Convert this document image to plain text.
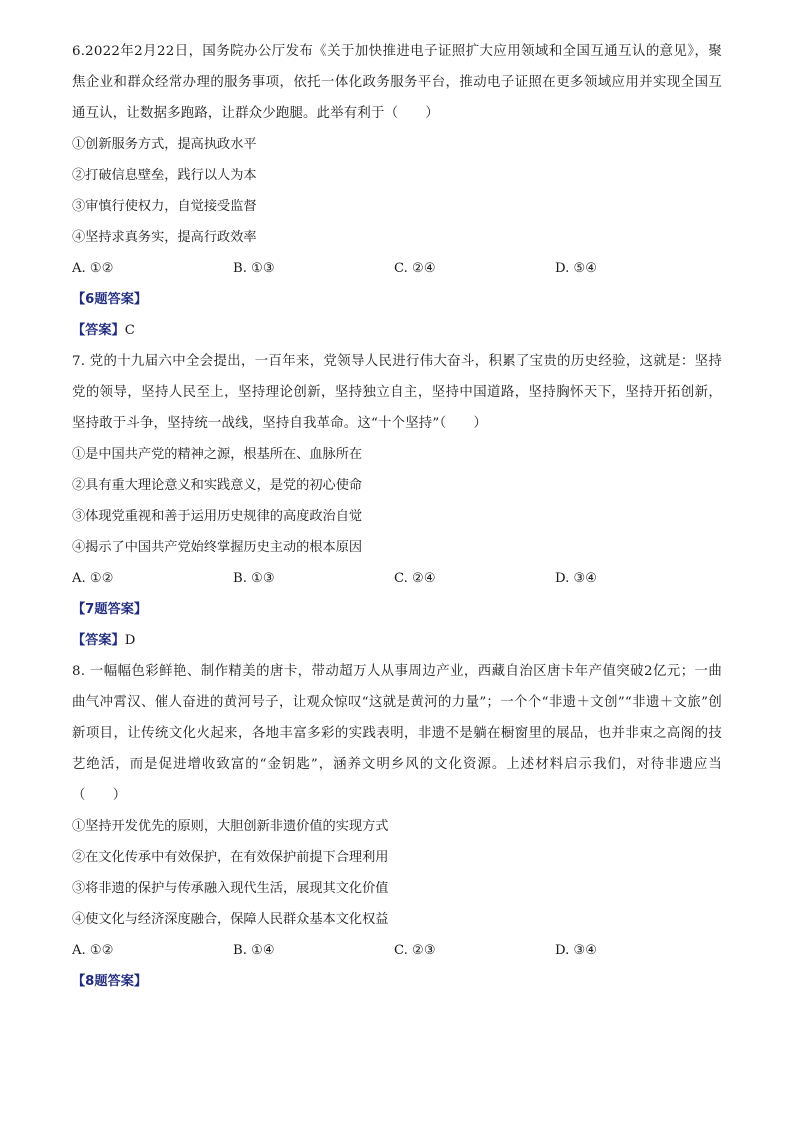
6.2022年2月22日，国务院办公厅发布《关于加快推进电子证照扩大应用领域和全国互通互认的意见》，聚焦企业和群众经常办理的服务事项，依托一体化政务服务平台，推动电子证照在更多领域应用并实现全国互通互认，让数据多跑路，让群众少跑腿。此举有利于（　　）

①创新服务方式，提高执政水平

②打破信息壁垒，践行以人为本

③审慎行使权力，自觉接受监督

④坚持求真务实，提高行政效率

A. ①②	B. ①③	C. ②④	D. ⑤④

【6题答案】

【答案】C

7. 党的十九届六中全会提出，一百年来，党领导人民进行伟大奋斗，积累了宝贵的历史经验，这就是：坚持党的领导，坚持人民至上，坚持理论创新，坚持独立自主，坚持中国道路，坚持胸怀天下，坚持开拓创新，坚持敢于斗争，坚持统一战线，坚持自我革命。这“十个坚持”（　　）

①是中国共产党的精神之源，根基所在、血脉所在

②具有重大理论意义和实践意义，是党的初心使命

③体现党重视和善于运用历史规律的高度政治自觉

④揭示了中国共产党始终掌握历史主动的根本原因

A. ①②	B. ①③	C. ②④	D. ③④

【7题答案】

【答案】D

8. 一幅幅色彩鲜艳、制作精美的唐卡，带动超万人从事周边产业，西藏自治区唐卡年产值突破2亿元；一曲曲气冲霄汉、催人奋进的黄河号子，让观众惊叹“这就是黄河的力量”；一个个“非遗＋文创”“非遗＋文旅”创新项目，让传统文化火起来，各地丰富多彩的实践表明，非遗不是躺在橱窗里的展品，也并非束之高阁的技艺绝活，而是促进增收致富的“金钥匙”，涵养文明乡风的文化资源。上述材料启示我们，对待非遗应当（　　）

①坚持开发优先的原则，大胆创新非遗价值的实现方式

②在文化传承中有效保护，在有效保护前提下合理利用

③将非遗的保护与传承融入现代生活，展现其文化价值

④使文化与经济深度融合，保障人民群众基本文化权益

A. ①②	B. ①④	C. ②③	D. ③④

【8题答案】
